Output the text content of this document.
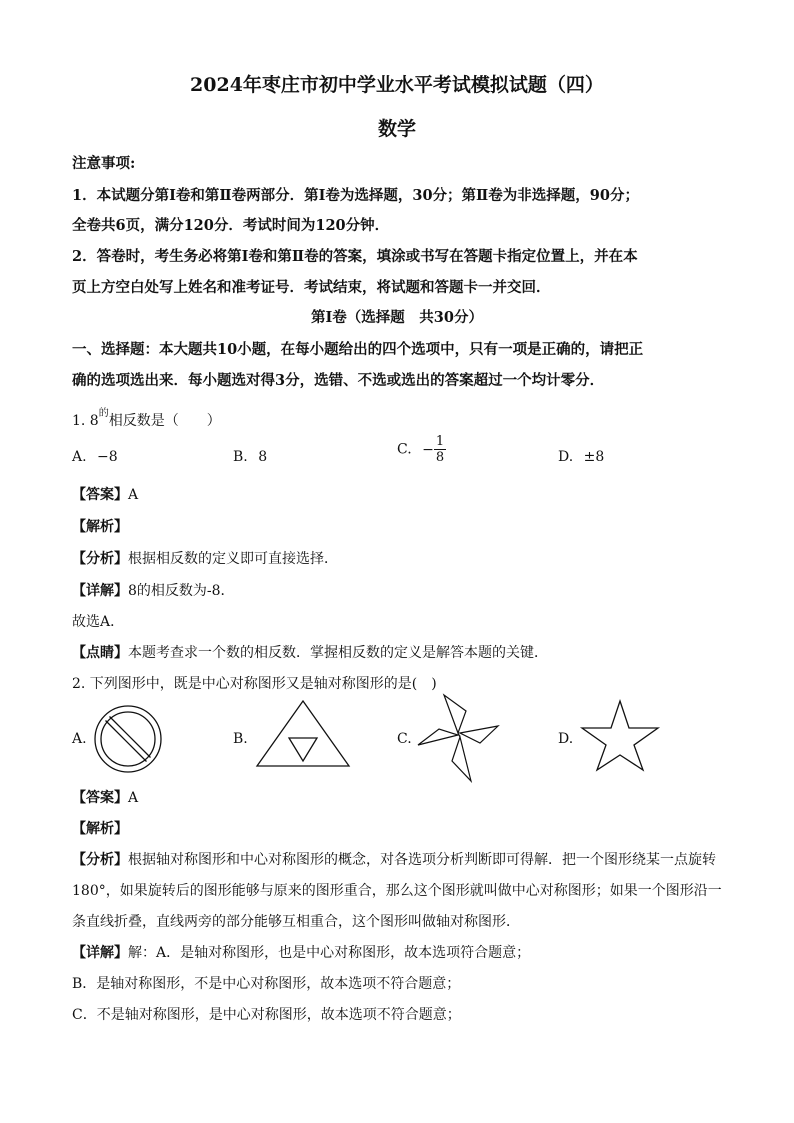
2024年枣庄市初中学业水平考试模拟试题（四）
数学
注意事项:
1．本试题分第Ⅰ卷和第Ⅱ卷两部分．第Ⅰ卷为选择题，30分；第Ⅱ卷为非选择题，90分；
全卷共6页，满分120分．考试时间为120分钟．
2．答卷时，考生务必将第Ⅰ卷和第Ⅱ卷的答案，填涂或书写在答题卡指定位置上，并在本
页上方空白处写上姓名和准考证号．考试结束，将试题和答题卡一并交回．
第Ⅰ卷（选择题　共30分）
一、选择题：本大题共10小题，在每小题给出的四个选项中，只有一项是正确的，请把正
确的选项选出来．每小题选对得3分，选错、不选或选出的答案超过一个均计零分．
1. $8^的$相反数是（　　）
A. −8	B. 8	C. − $\frac{1}{8}$	D. ±8
【答案】A
【解析】
【分析】根据相反数的定义即可直接选择．
【详解】8的相反数为-8．
故选A．
【点睛】本题考查求一个数的相反数．掌握相反数的定义是解答本题的关键．
2. 下列图形中，既是中心对称图形又是轴对称图形的是(　)
A.	B.	C.	D.
【答案】A
【解析】
【分析】根据轴对称图形和中心对称图形的概念，对各选项分析判断即可得解．把一个图形绕某一点旋转
180°，如果旋转后的图形能够与原来的图形重合，那么这个图形就叫做中心对称图形；如果一个图形沿一
条直线折叠，直线两旁的部分能够互相重合，这个图形叫做轴对称图形．
【详解】解：A．是轴对称图形，也是中心对称图形，故本选项符合题意；
B．是轴对称图形，不是中心对称图形，故本选项不符合题意；
C．不是轴对称图形，是中心对称图形，故本选项不符合题意；
